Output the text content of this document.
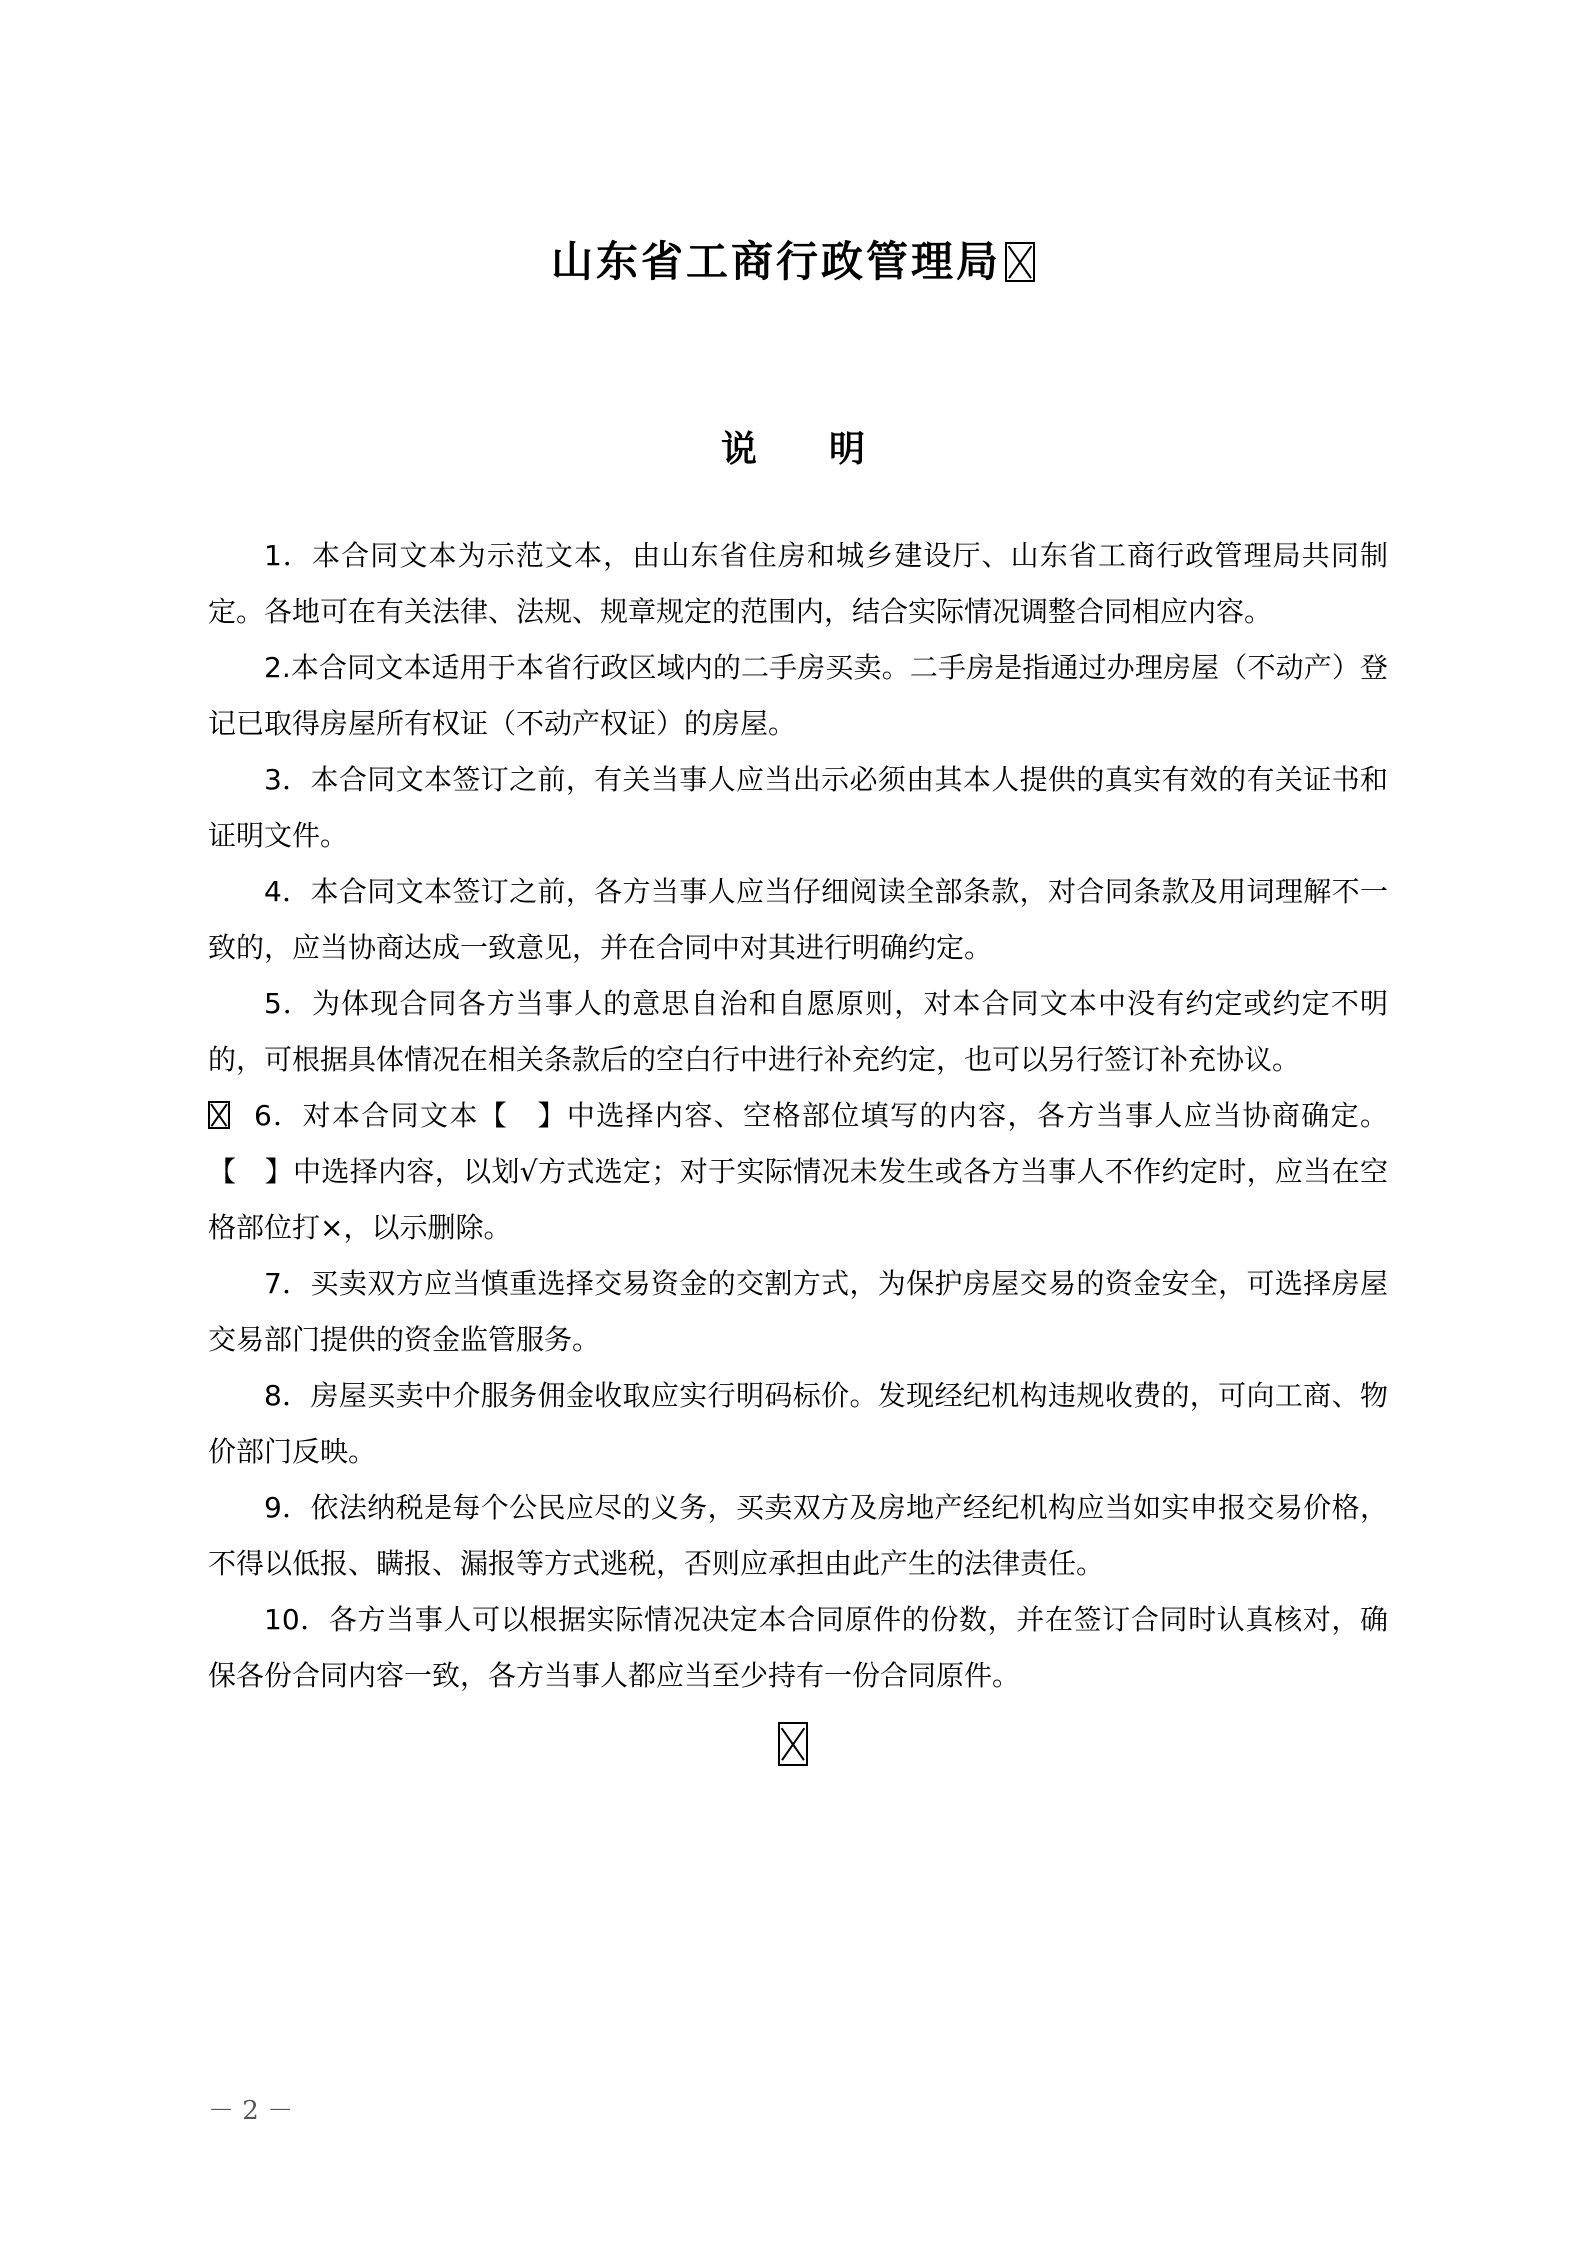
山东省工商行政管理局
说　　明

1．本合同文本为示范文本，由山东省住房和城乡建设厅、山东省工商行政管理局共同制定。各地可在有关法律、法规、规章规定的范围内，结合实际情况调整合同相应内容。

2.本合同文本适用于本省行政区域内的二手房买卖。二手房是指通过办理房屋（不动产）登记已取得房屋所有权证（不动产权证）的房屋。

3．本合同文本签订之前，有关当事人应当出示必须由其本人提供的真实有效的有关证书和证明文件。

4．本合同文本签订之前，各方当事人应当仔细阅读全部条款，对合同条款及用词理解不一致的，应当协商达成一致意见，并在合同中对其进行明确约定。

5．为体现合同各方当事人的意思自治和自愿原则，对本合同文本中没有约定或约定不明的，可根据具体情况在相关条款后的空白行中进行补充约定，也可以另行签订补充协议。

6．对本合同文本【　】中选择内容、空格部位填写的内容，各方当事人应当协商确定。【　】中选择内容，以划√方式选定；对于实际情况未发生或各方当事人不作约定时，应当在空格部位打×，以示删除。

7．买卖双方应当慎重选择交易资金的交割方式，为保护房屋交易的资金安全，可选择房屋交易部门提供的资金监管服务。

8．房屋买卖中介服务佣金收取应实行明码标价。发现经纪机构违规收费的，可向工商、物价部门反映。

9．依法纳税是每个公民应尽的义务，买卖双方及房地产经纪机构应当如实申报交易价格，不得以低报、瞒报、漏报等方式逃税，否则应承担由此产生的法律责任。

10．各方当事人可以根据实际情况决定本合同原件的份数，并在签订合同时认真核对，确保各份合同内容一致，各方当事人都应当至少持有一份合同原件。

－ 2 －
